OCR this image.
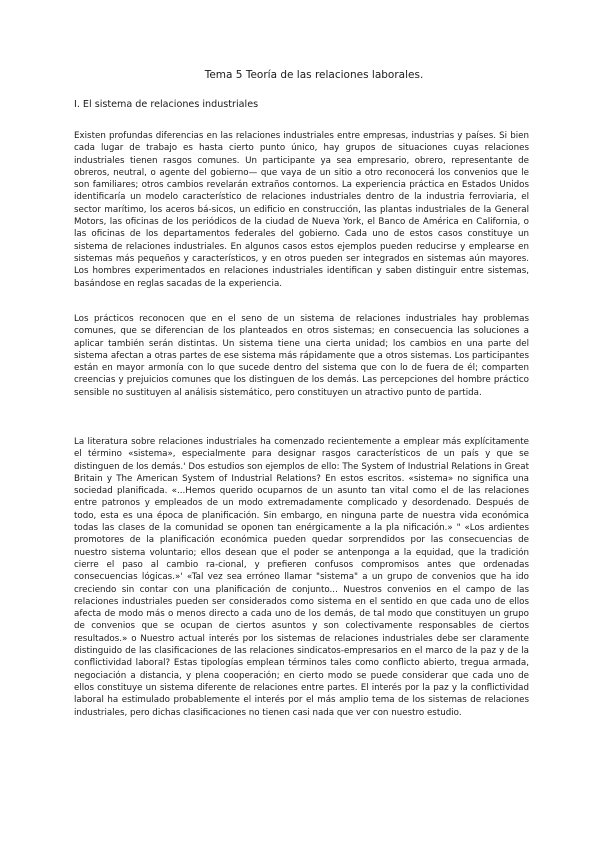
Tema 5 Teoría de las relaciones laborales.
I. El sistema de relaciones industriales

Existen profundas diferencias en las relaciones industriales entre empresas, industrias y países. Si bien cada lugar de trabajo es hasta cierto punto único, hay grupos de situaciones cuyas relaciones industriales tienen rasgos comunes. Un participante ya sea empresario, obrero, representante de obreros, neutral, o agente del gobierno— que vaya de un sitio a otro reconocerá los convenios que le son familiares; otros cambios revelarán extraños contornos. La experiencia práctica en Estados Unidos identificaría un modelo característico de relaciones industriales dentro de la industria ferroviaria, el sector marítimo, los aceros bá-sicos, un edificio en construcción, las plantas industriales de la General Motors, las oficinas de los periódicos de la ciudad de Nueva York, el Banco de América en California, o las oficinas de los departamentos federales del gobierno. Cada uno de estos casos constituye un sistema de relaciones industriales. En algunos casos estos ejemplos pueden reducirse y emplearse en sistemas más pequeños y característicos, y en otros pueden ser integrados en sistemas aún mayores. Los hombres experimentados en relaciones industriales identifican y saben distinguir entre sistemas, basándose en reglas sacadas de la experiencia.

Los prácticos reconocen que en el seno de un sistema de relaciones industriales hay problemas comunes, que se diferencian de los planteados en otros sistemas; en consecuencia las soluciones a aplicar también serán distintas. Un sistema tiene una cierta unidad; los cambios en una parte del sistema afectan a otras partes de ese sistema más rápidamente que a otros sistemas. Los participantes están en mayor armonía con lo que sucede dentro del sistema que con lo de fuera de él; comparten creencias y prejuicios comunes que los distinguen de los demás. Las percepciones del hombre práctico sensible no sustituyen al análisis sistemático, pero constituyen un atractivo punto de partida.

La literatura sobre relaciones industriales ha comenzado recientemente a emplear más explícitamente el término «sistema», especialmente para designar rasgos característicos de un país y que se distinguen de los demás.' Dos estudios son ejemplos de ello: The System of Industrial Relations in Great Britain y The American System of Industrial Relations? En estos escritos. «sistema» no significa una sociedad planificada. «...Hemos querido ocuparnos de un asunto tan vital como el de las relaciones entre patronos y empleados de un modo extremadamente complicado y desordenado. Después de todo, esta es una época de planificación. Sin embargo, en ninguna parte de nuestra vida económica todas las clases de la comunidad se oponen tan enérgicamente a la pla nificación.» " «Los ardientes promotores de la planificación económica pueden quedar sorprendidos por las consecuencias de nuestro sistema voluntario; ellos desean que el poder se antenponga a la equidad, que la tradición cierre el paso al cambio ra-cional, y prefieren confusos compromisos antes que ordenadas consecuencias lógicas.»' «Tal vez sea erróneo llamar "sistema" a un grupo de convenios que ha ido creciendo sin contar con una planificación de conjunto... Nuestros convenios en el campo de las relaciones industriales pueden ser considerados como sistema en el sentido en que cada uno de ellos afecta de modo más o menos directo a cada uno de los demás, de tal modo que constituyen un grupo de convenios que se ocupan de ciertos asuntos y son colectivamente responsables de ciertos resultados.» o Nuestro actual interés por los sistemas de relaciones industriales debe ser claramente distinguido de las clasificaciones de las relaciones sindicatos-empresarios en el marco de la paz y de la conflictividad laboral? Estas tipologías emplean términos tales como conflicto abierto, tregua armada, negociación a distancia, y plena cooperación; en cierto modo se puede considerar que cada uno de ellos constituye un sistema diferente de relaciones entre partes. El interés por la paz y la conflictividad laboral ha estimulado probablemente el interés por el más amplio tema de los sistemas de relaciones industriales, pero dichas clasificaciones no tienen casi nada que ver con nuestro estudio.
